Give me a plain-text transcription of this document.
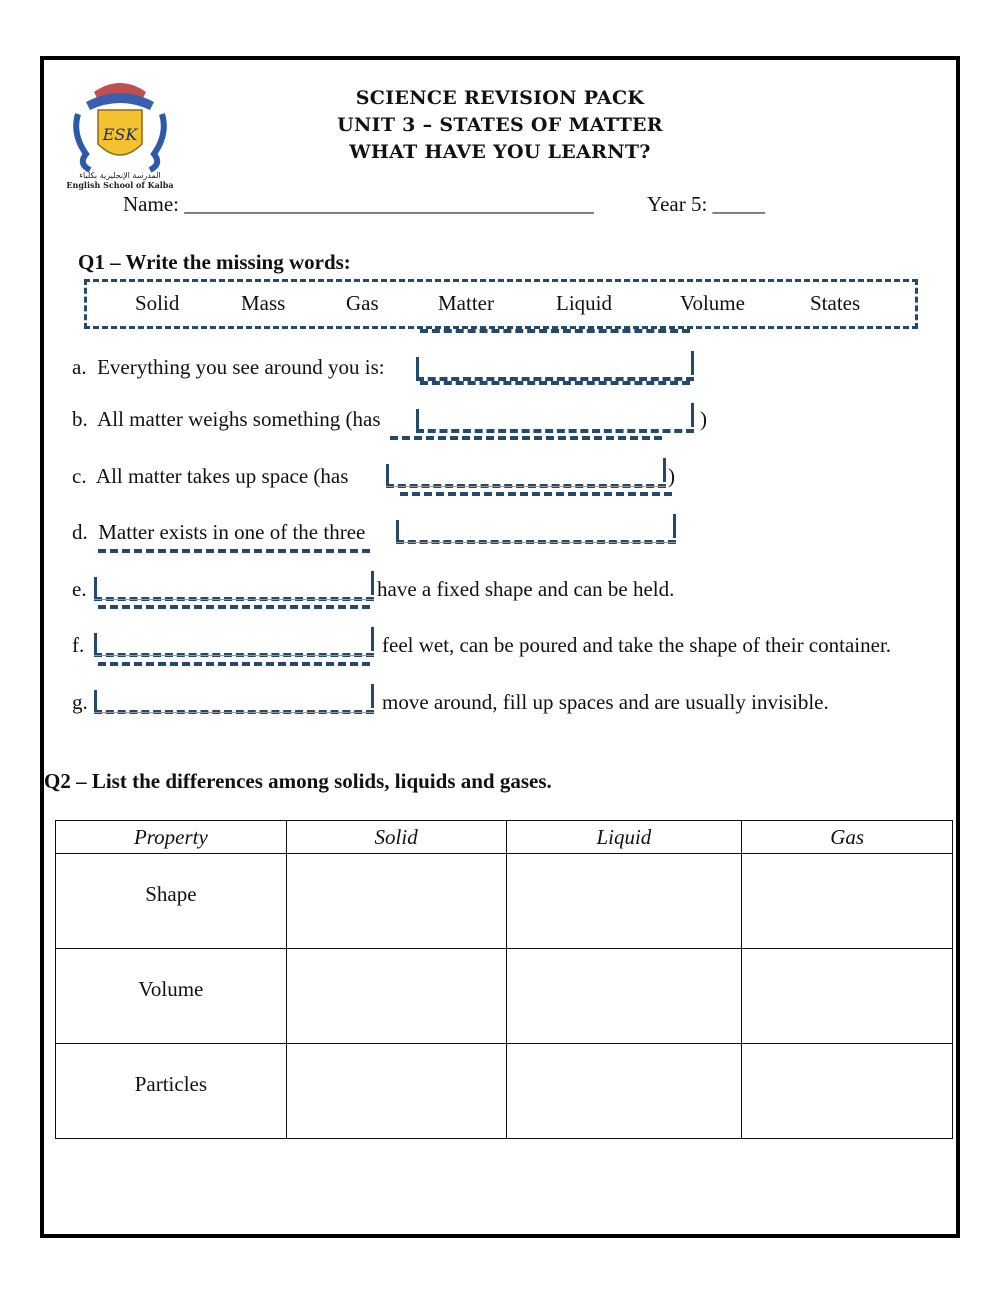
ESK
المدرسة الإنجليزية بكلباء
English School of Kalba
SCIENCE REVISION PACK
UNIT 3 – STATES OF MATTER
WHAT HAVE YOU LEARNT?
Name: _______________________________________	Year 5: _____
Q1 – Write the missing words:
Solid	Mass	Gas	Matter	Liquid	Volume	States
a. Everything you see around you is:
b. All matter weighs something (has	)
c. All matter takes up space (has	)
d. Matter exists in one of the three
e.	have a fixed shape and can be held.
f.	feel wet, can be poured and take the shape of their container.
g.	move around, fill up spaces and are usually invisible.
Q2 – List the differences among solids, liquids and gases.
Property	Solid	Liquid	Gas
Shape			
Volume			
Particles			
